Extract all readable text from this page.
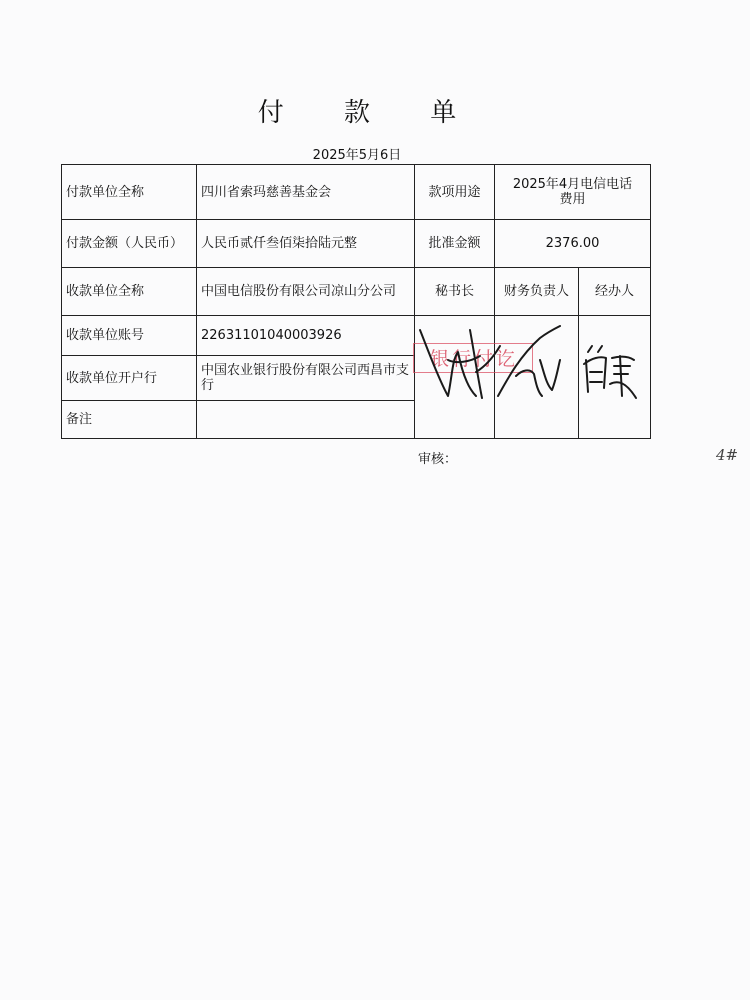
付 款 单
2025年5月6日
付款单位全称	四川省索玛慈善基金会	款项用途	2025年4月电信电话费用	
付款金额（人民币）	人民币贰仟叁佰柒拾陆元整	批准金额	2376.00	
收款单位全称	中国电信股份有限公司凉山分公司	秘书长	财务负责人	经办人
收款单位账号	22631101040003926			
收款单位开户行	中国农业银行股份有限公司西昌市支行			
备注				
审核：	4#
银行付讫
